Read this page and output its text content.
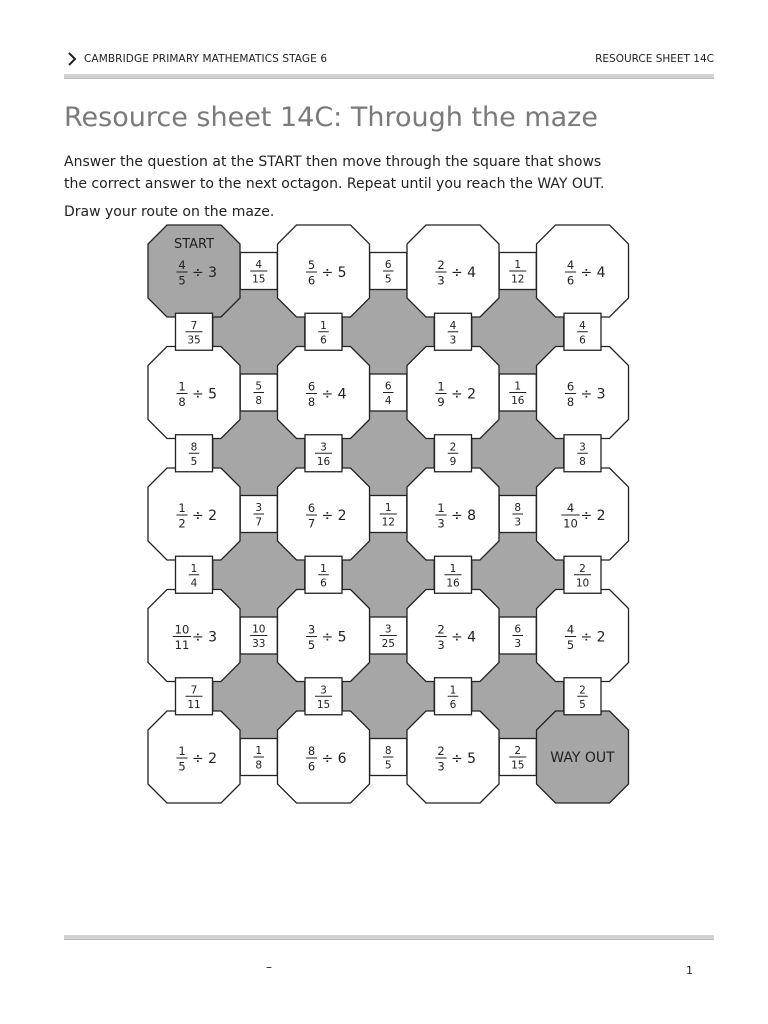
CAMBRIDGE PRIMARY MATHEMATICS STAGE 6	RESOURCE SHEET 14C
Resource sheet 14C: Through the maze
Answer the question at the START then move through the square that shows
the correct answer to the next octagon. Repeat until you reach the WAY OUT.
Draw your route on the maze.
START
4
5 ÷ 3	5
6 ÷ 5	2
3 ÷ 4	4
6 ÷ 4
1
8 ÷ 5	6
8 ÷ 4	1
9 ÷ 2	6
8 ÷ 3
1
2 ÷ 2	6
7 ÷ 2	1
3 ÷ 8	4
10 ÷ 2
10
11 ÷ 3	3
5 ÷ 5	2
3 ÷ 4	4
5 ÷ 2
1
5 ÷ 2	8
6 ÷ 6	2
3 ÷ 5	WAY OUT
4
15
6
5
1
12
5
8
6
4
1
16
3
7
1
12
8
3
10
33
3
25
6
3
1
8
8
5
2
15
7
35
1
6
4
3
4
6
8
5
3
16
2
9
3
8
1
4
1
6
1
16
2
10
7
11
3
15
1
6
2
5
–	1
